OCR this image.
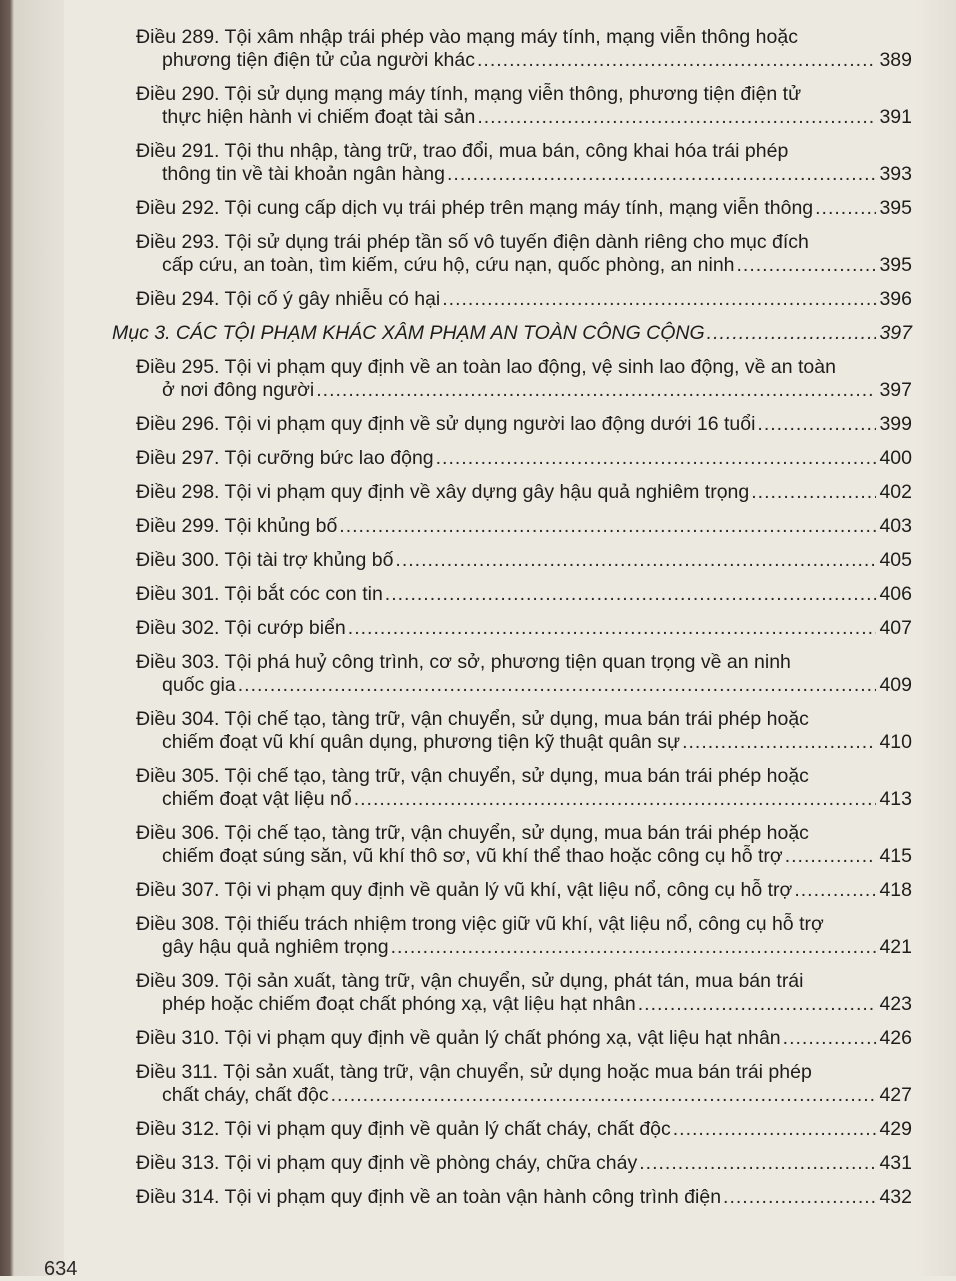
Điều 289. Tội xâm nhập trái phép vào mạng máy tính, mạng viễn thông hoặc
phương tiện điện tử của người khác .....	389
Điều 290. Tội sử dụng mạng máy tính, mạng viễn thông, phương tiện điện tử
thực hiện hành vi chiếm đoạt tài sản .....	391
Điều 291. Tội thu nhập, tàng trữ, trao đổi, mua bán, công khai hóa trái phép
thông tin về tài khoản ngân hàng .....	393
Điều 292. Tội cung cấp dịch vụ trái phép trên mạng máy tính, mạng viễn thông .....	395
Điều 293. Tội sử dụng trái phép tần số vô tuyến điện dành riêng cho mục đích
cấp cứu, an toàn, tìm kiếm, cứu hộ, cứu nạn, quốc phòng, an ninh .....	395
Điều 294. Tội cố ý gây nhiễu có hại .....	396
Mục 3. CÁC TỘI PHẠM KHÁC XÂM PHẠM AN TOÀN CÔNG CỘNG .....	397
Điều 295. Tội vi phạm quy định về an toàn lao động, vệ sinh lao động, về an toàn
ở nơi đông người .....	397
Điều 296. Tội vi phạm quy định về sử dụng người lao động dưới 16 tuổi .....	399
Điều 297. Tội cưỡng bức lao động .....	400
Điều 298. Tội vi phạm quy định về xây dựng gây hậu quả nghiêm trọng .....	402
Điều 299. Tội khủng bố .....	403
Điều 300. Tội tài trợ khủng bố .....	405
Điều 301. Tội bắt cóc con tin .....	406
Điều 302. Tội cướp biển .....	407
Điều 303. Tội phá huỷ công trình, cơ sở, phương tiện quan trọng về an ninh
quốc gia .....	409
Điều 304. Tội chế tạo, tàng trữ, vận chuyển, sử dụng, mua bán trái phép hoặc
chiếm đoạt vũ khí quân dụng, phương tiện kỹ thuật quân sự .....	410
Điều 305. Tội chế tạo, tàng trữ, vận chuyển, sử dụng, mua bán trái phép hoặc
chiếm đoạt vật liệu nổ .....	413
Điều 306. Tội chế tạo, tàng trữ, vận chuyển, sử dụng, mua bán trái phép hoặc
chiếm đoạt súng săn, vũ khí thô sơ, vũ khí thể thao hoặc công cụ hỗ trợ .....	415
Điều 307. Tội vi phạm quy định về quản lý vũ khí, vật liệu nổ, công cụ hỗ trợ .....	418
Điều 308. Tội thiếu trách nhiệm trong việc giữ vũ khí, vật liệu nổ, công cụ hỗ trợ
gây hậu quả nghiêm trọng .....	421
Điều 309. Tội sản xuất, tàng trữ, vận chuyển, sử dụng, phát tán, mua bán trái
phép hoặc chiếm đoạt chất phóng xạ, vật liệu hạt nhân .....	423
Điều 310. Tội vi phạm quy định về quản lý chất phóng xạ, vật liệu hạt nhân .....	426
Điều 311. Tội sản xuất, tàng trữ, vận chuyển, sử dụng hoặc mua bán trái phép
chất cháy, chất độc .....	427
Điều 312. Tội vi phạm quy định về quản lý chất cháy, chất độc .....	429
Điều 313. Tội vi phạm quy định về phòng cháy, chữa cháy .....	431
Điều 314. Tội vi phạm quy định về an toàn vận hành công trình điện .....	432
634
